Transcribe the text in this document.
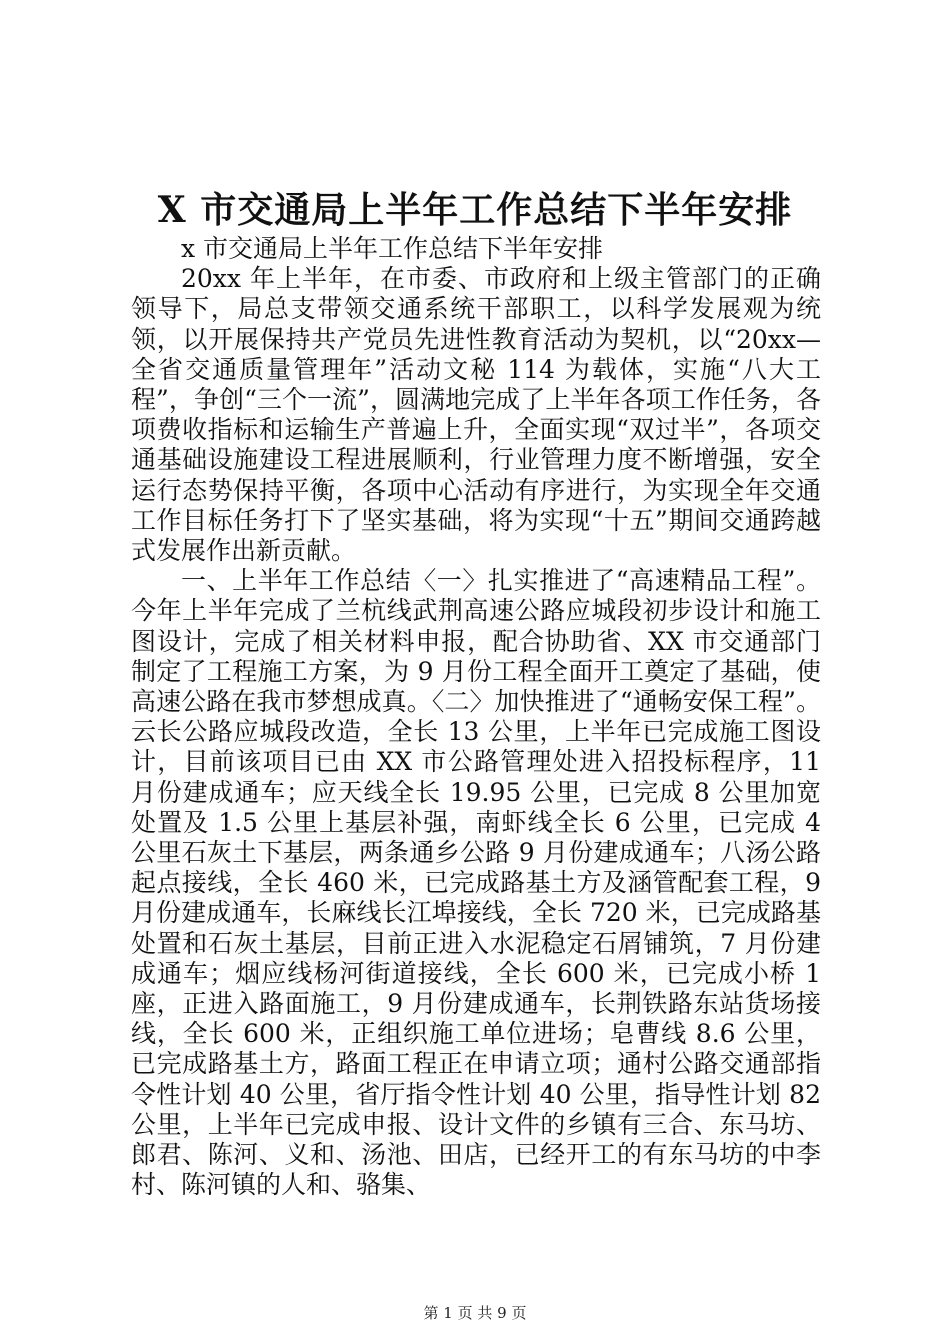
X 市交通局上半年工作总结下半年安排

x 市交通局上半年工作总结下半年安排

20xx 年上半年，在市委、市政府和上级主管部门的正确领导下，局总支带领交通系统干部职工，以科学发展观为统领，以开展保持共产党员先进性教育活动为契机，以“20xx—全省交通质量管理年”活动文秘 114 为载体，实施“八大工程”，争创“三个一流”，圆满地完成了上半年各项工作任务，各项费收指标和运输生产普遍上升，全面实现“双过半”，各项交通基础设施建设工程进展顺利，行业管理力度不断增强，安全运行态势保持平衡，各项中心活动有序进行，为实现全年交通工作目标任务打下了坚实基础，将为实现“十五”期间交通跨越式发展作出新贡献。

一、上半年工作总结〈一〉扎实推进了“高速精品工程”。今年上半年完成了兰杭线武荆高速公路应城段初步设计和施工图设计，完成了相关材料申报，配合协助省、XX 市交通部门制定了工程施工方案，为 9 月份工程全面开工奠定了基础，使高速公路在我市梦想成真。〈二〉加快推进了“通畅安保工程”。云长公路应城段改造，全长 13 公里，上半年已完成施工图设计，目前该项目已由 XX 市公路管理处进入招投标程序，11 月份建成通车；应天线全长 19.95 公里，已完成 8 公里加宽处置及 1.5 公里上基层补强，南虾线全长 6 公里，已完成 4 公里石灰土下基层，两条通乡公路 9 月份建成通车；八汤公路起点接线，全长 460 米，已完成路基土方及涵管配套工程，9 月份建成通车，长麻线长江埠接线，全长 720 米，已完成路基处置和石灰土基层，目前正进入水泥稳定石屑铺筑，7 月份建成通车；烟应线杨河街道接线，全长 600 米，已完成小桥 1 座，正进入路面施工，9 月份建成通车，长荆铁路东站货场接线，全长 600 米，正组织施工单位进场；皂曹线 8.6 公里，已完成路基土方，路面工程正在申请立项；通村公路交通部指令性计划 40 公里，省厅指令性计划 40 公里，指导性计划 82 公里，上半年已完成申报、设计文件的乡镇有三合、东马坊、郎君、陈河、义和、汤池、田店，已经开工的有东马坊的中李村、陈河镇的人和、骆集、

第 1 页 共 9 页
